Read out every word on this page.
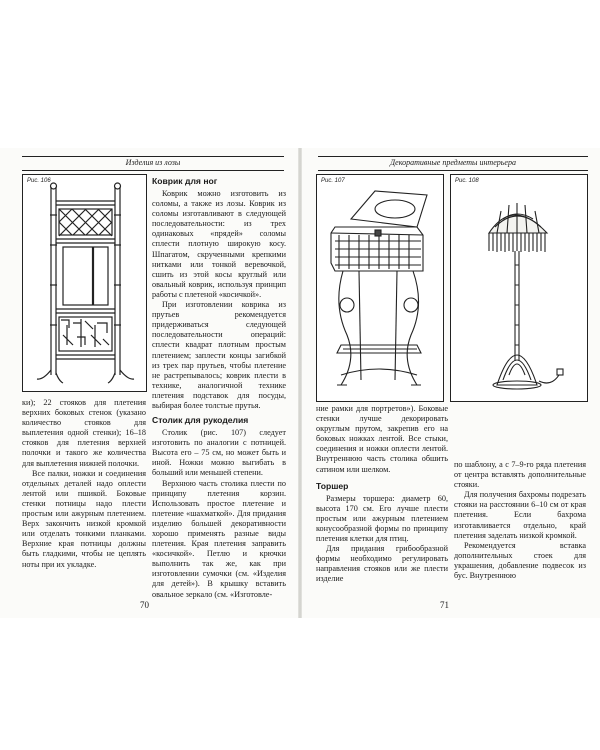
Изделия из лозы
Рис. 106

ки); 22 стояков для плетения верхних боковых стенок (указано количество стояков для выплетения одной стенки); 16–18 стояков для плетения верхней полочки и такого же количества для выплетения нижней полочки.

Все палки, ножки и соединения отдельных деталей надо оплести лентой или пшикой. Боковые стенки потницы надо плести простым или ажурным плетением. Верх закончить низкой кромкой или отделать тонкими планками. Верхние края потницы должны быть гладкими, чтобы не цеплять ноты при их укладке.

Коврик для ног

Коврик можно изготовить из соломы, а также из лозы. Коврик из соломы изготавливают в следующей последовательности: из трех одинаковых «прядей» соломы сплести плотную широкую косу. Шпагатом, скрученными крепкими нитками или тонкой веревочкой, сшить из этой косы круглый или овальный коврик, используя принцип работы с плетеной «косичкой».

При изготовлении коврика из прутьев рекомендуется придерживаться следующей последовательности операций: сплести квадрат плотным простым плетением; заплести концы загибкой из трех пар прутьев, чтобы плетение не растрепывалось; коврик плести в технике, аналогичной технике плетения подставок для посуды, выбирая более толстые прутья.

Столик для рукоделия

Столик (рис. 107) следует изготовить по аналогии с потницей. Высота его – 75 см, но может быть и иной. Ножки можно выгибать в больший или меньшей степени.

Верхнюю часть столика плести по принципу плетения корзин. Использовать простое плетение и плетение «шахматкой». Для придания изделию большей декоративности хорошо применять разные виды плетения. Края плетения заправить «косичкой». Петлю и крючки выполнить так же, как при изготовлении сумочки (см. «Изделия для детей»). В крышку вставить овальное зеркало (см. «Изготовле-

70
Декоративные предметы интерьера
Рис. 107	Рис. 108

ние рамки для портретов»). Боковые стенки лучше декорировать округлым прутом, закрепив его на боковых ножках лентой. Все стыки, соединения и ножки оплести лентой. Внутреннюю часть столика обшить сатином или шелком.

Торшер

Размеры торшера: диаметр 60, высота 170 см. Его лучше плести простым или ажурным плетением конусообразной формы по принципу плетения клетки для птиц.

Для придания грибообразной формы необходимо регулировать направления стояков или же плести изделие

по шаблону, а с 7–9-го ряда плетения от центра вставлять дополнительные стояки.

Для получения бахромы подрезать стояки на расстоянии 6–10 см от края плетения. Если бахрома изготавливается отдельно, край плетения заделать низкой кромкой.

Рекомендуется вставка дополнительных стоек для украшения, добавление подвесок из бус. Внутреннюю

71
